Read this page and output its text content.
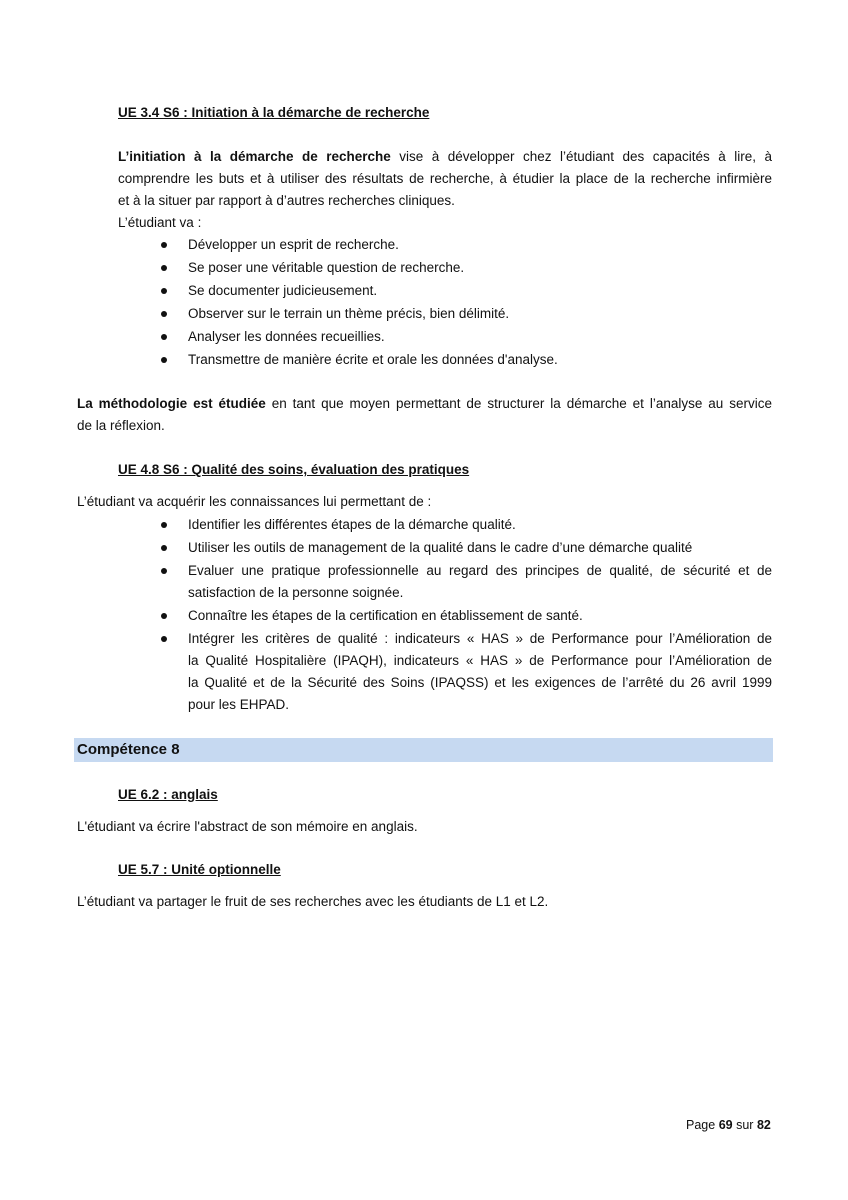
UE 3.4 S6 : Initiation à la démarche de recherche
L’initiation à la démarche de recherche vise à développer chez l’étudiant des capacités à lire, à
comprendre les buts et à utiliser des résultats de recherche, à étudier la place de la recherche infirmière
et à la situer par rapport à d’autres recherches cliniques.
L’étudiant va :
Développer un esprit de recherche.
Se poser une véritable question de recherche.
Se documenter judicieusement.
Observer sur le terrain un thème précis, bien délimité.
Analyser les données recueillies.
Transmettre de manière écrite et orale les données d'analyse.
La méthodologie est étudiée en tant que moyen permettant de structurer la démarche et l’analyse au service
de la réflexion.
UE 4.8 S6 : Qualité des soins, évaluation des pratiques
L’étudiant va acquérir les connaissances lui permettant de :
Identifier les différentes étapes de la démarche qualité.
Utiliser les outils de management de la qualité dans le cadre d’une démarche qualité
Evaluer une pratique professionnelle au regard des principes de qualité, de sécurité et de
satisfaction de la personne soignée.
Connaître les étapes de la certification en établissement de santé.
Intégrer les critères de qualité : indicateurs « HAS » de Performance pour l’Amélioration de
la Qualité Hospitalière (IPAQH), indicateurs « HAS » de Performance pour l’Amélioration de
la Qualité et de la Sécurité des Soins (IPAQSS) et les exigences de l’arrêté du 26 avril 1999
pour les EHPAD.
Compétence 8
UE 6.2 : anglais
L'étudiant va écrire l'abstract de son mémoire en anglais.
UE 5.7 : Unité optionnelle
L’étudiant va partager le fruit de ses recherches avec les étudiants de L1 et L2.
Page 69 sur 82
